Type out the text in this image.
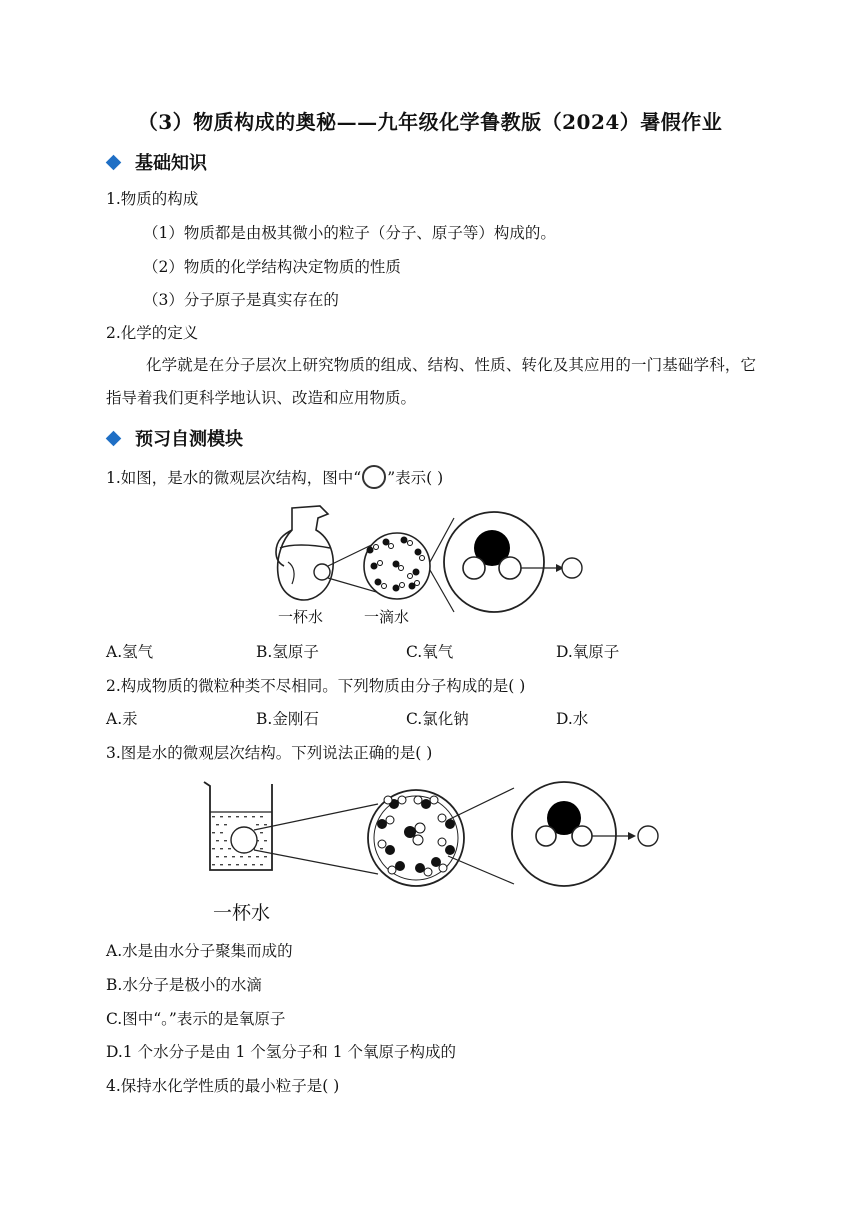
（3）物质构成的奥秘——九年级化学鲁教版（2024）暑假作业
基础知识
1.物质的构成
（1）物质都是由极其微小的粒子（分子、原子等）构成的。
（2）物质的化学结构决定物质的性质
（3）分子原子是真实存在的
2.化学的定义
化学就是在分子层次上研究物质的组成、结构、性质、转化及其应用的一门基础学科，它指导着我们更科学地认识、改造和应用物质。
预习自测模块
1.如图，是水的微观层次结构，图中“ ”表示( )
一杯水	一滴水
A.氢气	B.氢原子	C.氧气	D.氧原子
2.构成物质的微粒种类不尽相同。下列物质由分子构成的是( )
A.汞	B.金刚石	C.氯化钠	D.水
3.图是水的微观层次结构。下列说法正确的是( )
一杯水
A.水是由水分子聚集而成的
B.水分子是极小的水滴
C.图中“。”表示的是氧原子
D.1 个水分子是由 1 个氢分子和 1 个氧原子构成的
4.保持水化学性质的最小粒子是( )
